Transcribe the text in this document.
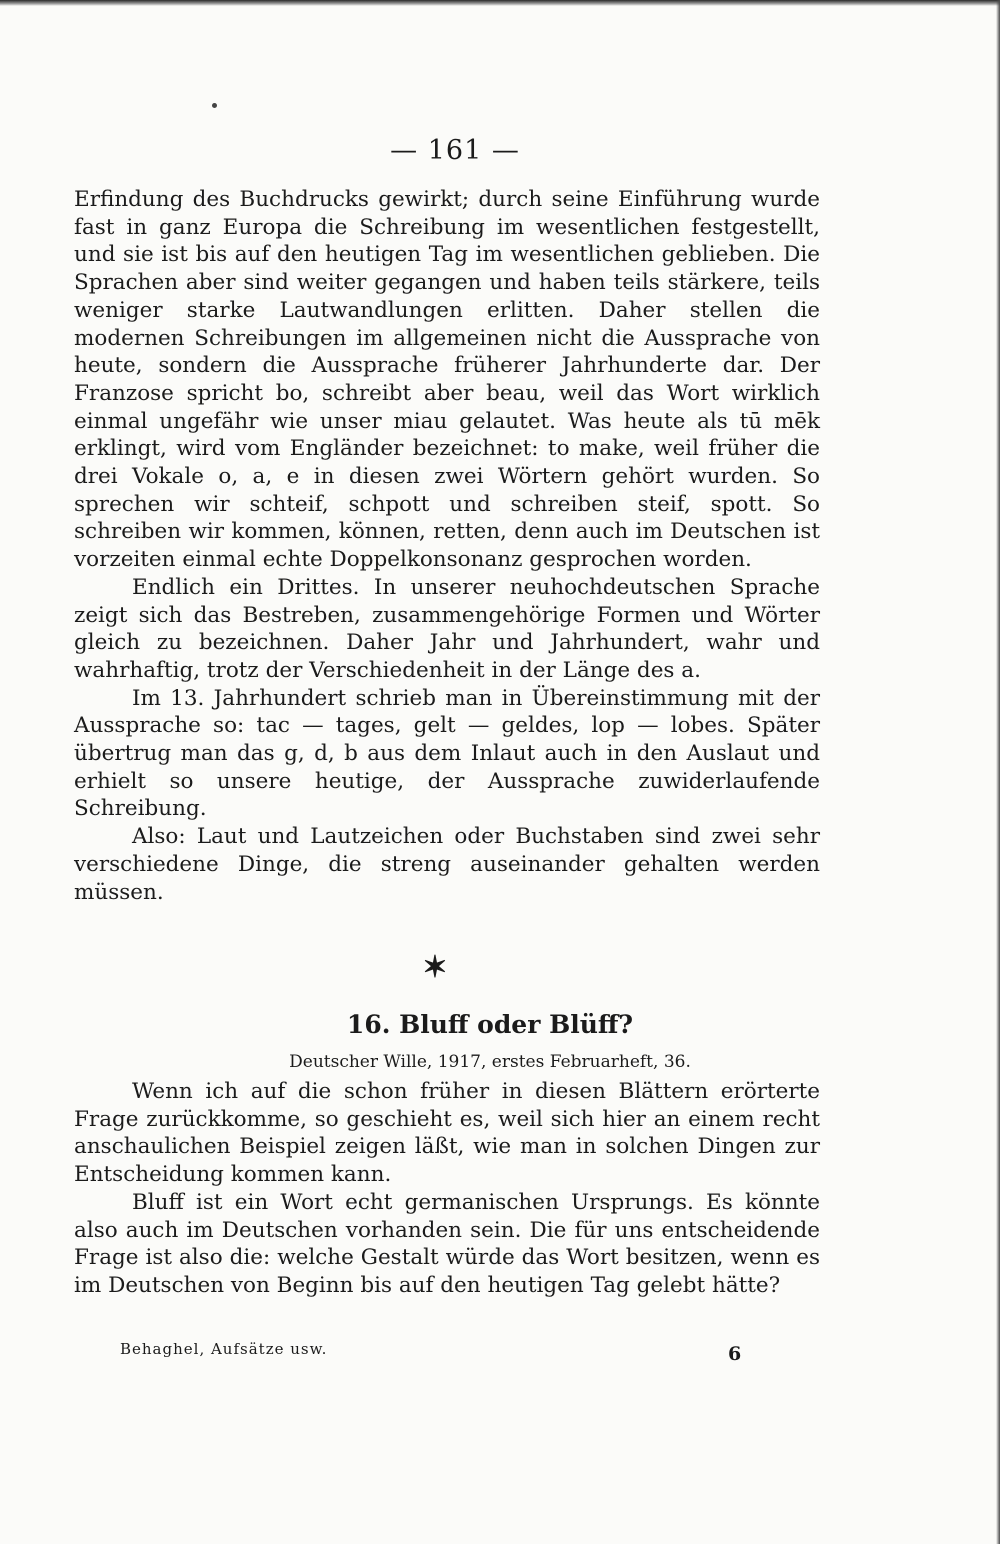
— 161 —

Erfindung des Buchdrucks gewirkt; durch seine Einführung wurde fast in ganz Europa die Schreibung im wesentlichen festgestellt, und sie ist bis auf den heutigen Tag im wesentlichen geblieben. Die Sprachen aber sind weiter gegangen und haben teils stärkere, teils weniger starke Lautwandlungen erlitten. Daher stellen die modernen Schreibungen im allgemeinen nicht die Aussprache von heute, sondern die Aussprache früherer Jahrhunderte dar. Der Franzose spricht bo, schreibt aber beau, weil das Wort wirklich einmal ungefähr wie unser miau gelautet. Was heute als tū mēk erklingt, wird vom Engländer bezeichnet: to make, weil früher die drei Vokale o, a, e in diesen zwei Wörtern gehört wurden. So sprechen wir schteif, schpott und schreiben steif, spott. So schreiben wir kommen, können, retten, denn auch im Deutschen ist vorzeiten einmal echte Doppelkonsonanz gesprochen worden.

Endlich ein Drittes. In unserer neuhochdeutschen Sprache zeigt sich das Bestreben, zusammengehörige Formen und Wörter gleich zu bezeichnen. Daher Jahr und Jahrhundert, wahr und wahrhaftig, trotz der Verschiedenheit in der Länge des a.

Im 13. Jahrhundert schrieb man in Übereinstimmung mit der Aussprache so: tac — tages, gelt — geldes, lop — lobes. Später übertrug man das g, d, b aus dem Inlaut auch in den Auslaut und erhielt so unsere heutige, der Aussprache zuwiderlaufende Schreibung.

Also: Laut und Lautzeichen oder Buchstaben sind zwei sehr verschiedene Dinge, die streng auseinander gehalten werden müssen.

✶
16. Bluff oder Blüff?
Deutscher Wille, 1917, erstes Februarheft, 36.

Wenn ich auf die schon früher in diesen Blättern erörterte Frage zurückkomme, so geschieht es, weil sich hier an einem recht anschaulichen Beispiel zeigen läßt, wie man in solchen Dingen zur Entscheidung kommen kann.

Bluff ist ein Wort echt germanischen Ursprungs. Es könnte also auch im Deutschen vorhanden sein. Die für uns entscheidende Frage ist also die: welche Gestalt würde das Wort besitzen, wenn es im Deutschen von Beginn bis auf den heutigen Tag gelebt hätte?

Behaghel, Aufsätze usw.	6
